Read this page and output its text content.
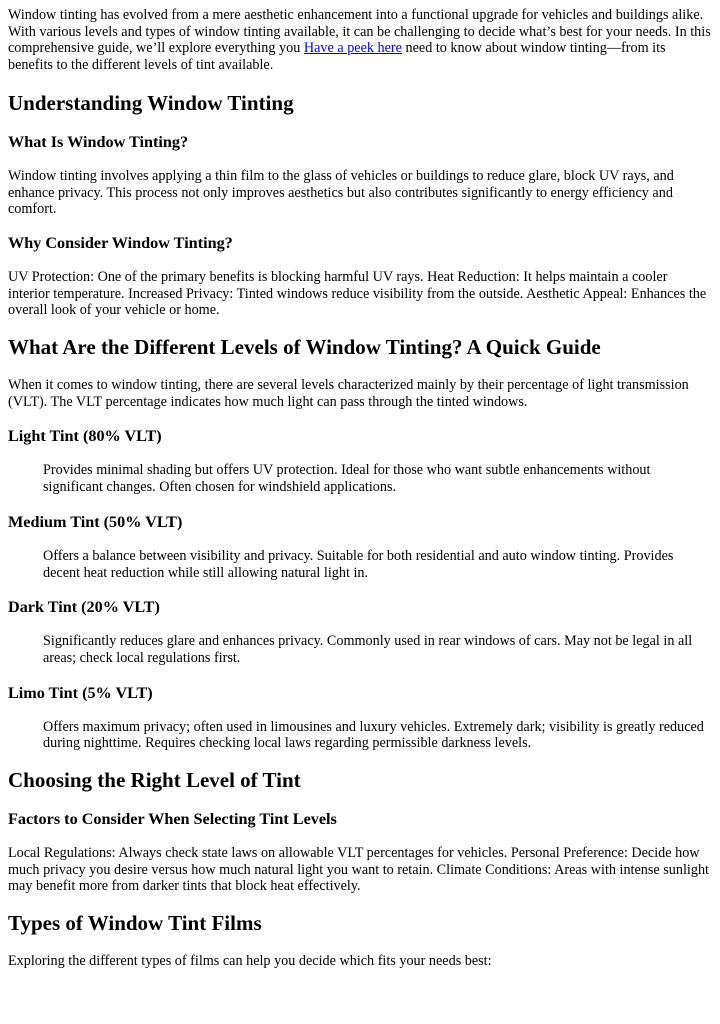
Window tinting has evolved from a mere aesthetic enhancement into a functional upgrade for vehicles and buildings alike. With various levels and types of window tinting available, it can be challenging to decide what’s best for your needs. In this comprehensive guide, we’ll explore everything you Have a peek here need to know about window tinting—from its benefits to the different levels of tint available.

Understanding Window Tinting
What Is Window Tinting?

Window tinting involves applying a thin film to the glass of vehicles or buildings to reduce glare, block UV rays, and enhance privacy. This process not only improves aesthetics but also contributes significantly to energy efficiency and comfort.

Why Consider Window Tinting?

UV Protection: One of the primary benefits is blocking harmful UV rays. Heat Reduction: It helps maintain a cooler interior temperature. Increased Privacy: Tinted windows reduce visibility from the outside. Aesthetic Appeal: Enhances the overall look of your vehicle or home.

What Are the Different Levels of Window Tinting? A Quick Guide

When it comes to window tinting, there are several levels characterized mainly by their percentage of light transmission (VLT). The VLT percentage indicates how much light can pass through the tinted windows.

Light Tint (80% VLT)

Provides minimal shading but offers UV protection. Ideal for those who want subtle enhancements without significant changes. Often chosen for windshield applications.

Medium Tint (50% VLT)

Offers a balance between visibility and privacy. Suitable for both residential and auto window tinting. Provides decent heat reduction while still allowing natural light in.

Dark Tint (20% VLT)

Significantly reduces glare and enhances privacy. Commonly used in rear windows of cars. May not be legal in all areas; check local regulations first.

Limo Tint (5% VLT)

Offers maximum privacy; often used in limousines and luxury vehicles. Extremely dark; visibility is greatly reduced during nighttime. Requires checking local laws regarding permissible darkness levels.

Choosing the Right Level of Tint
Factors to Consider When Selecting Tint Levels

Local Regulations: Always check state laws on allowable VLT percentages for vehicles. Personal Preference: Decide how much privacy you desire versus how much natural light you want to retain. Climate Conditions: Areas with intense sunlight may benefit more from darker tints that block heat effectively.

Types of Window Tint Films

Exploring the different types of films can help you decide which fits your needs best:
